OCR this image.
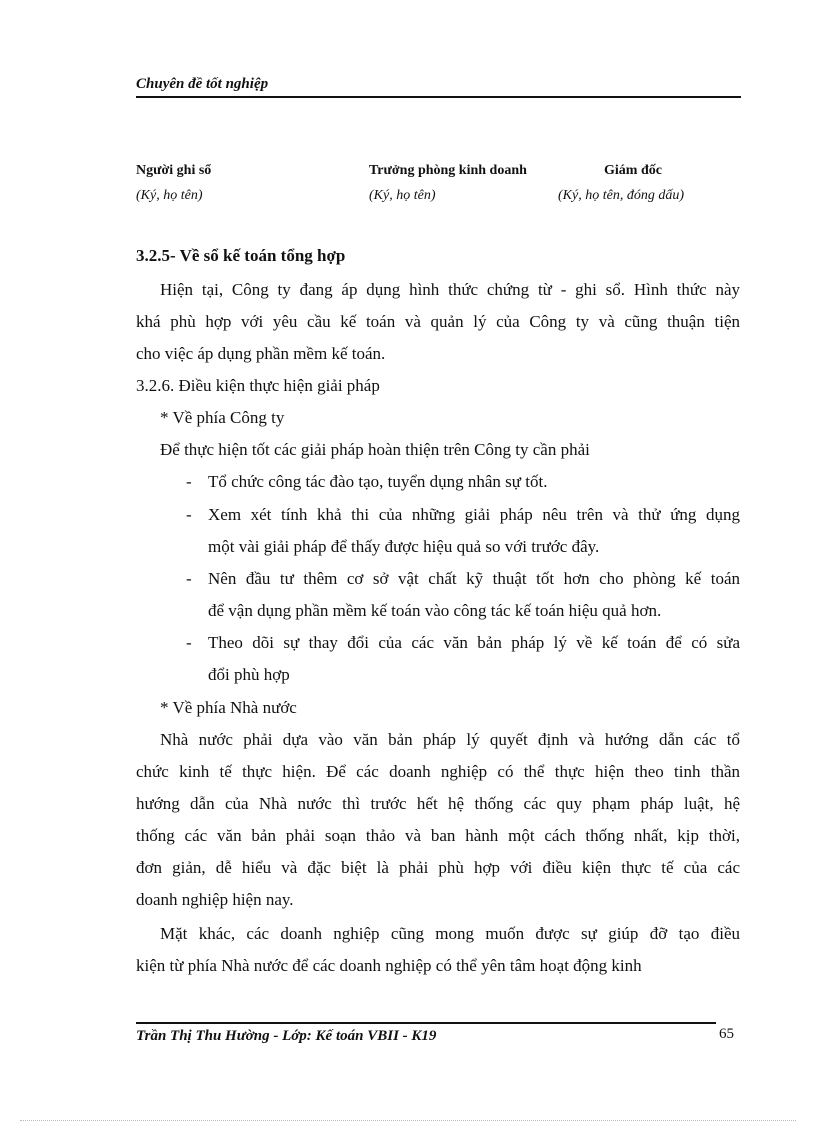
Chuyên đề tốt nghiệp
Người ghi sổ	Trưởng phòng kinh doanh	Giám đốc
(Ký, họ tên)	(Ký, họ tên)	(Ký, họ tên, đóng dấu)
3.2.5- Về sổ kế toán tổng hợp
Hiện tại, Công ty đang áp dụng hình thức chứng từ - ghi sổ. Hình thức này
khá phù hợp với yêu cầu kế toán và quản lý của Công ty và cũng thuận tiện
cho việc áp dụng phần mềm kế toán.
3.2.6. Điều kiện thực hiện giải pháp
* Về phía Công ty
Để thực hiện tốt các giải pháp hoàn thiện trên Công ty cần phải
- Tổ chức công tác đào tạo, tuyển dụng nhân sự tốt.
- Xem xét tính khả thi của những giải pháp nêu trên và thử ứng dụng
một vài giải pháp để thấy được hiệu quả so với trước đây.
- Nên đầu tư thêm cơ sở vật chất kỹ thuật tốt hơn cho phòng kế toán
để vận dụng phần mềm kế toán vào công tác kế toán hiệu quả hơn.
- Theo dõi sự thay đổi của các văn bản pháp lý về kế toán để có sửa
đổi phù hợp
* Về phía Nhà nước
Nhà nước phải dựa vào văn bản pháp lý quyết định và hướng dẫn các tổ
chức kinh tế thực hiện. Để các doanh nghiệp có thể thực hiện theo tinh thần
hướng dẫn của Nhà nước thì trước hết hệ thống các quy phạm pháp luật, hệ
thống các văn bản phải soạn thảo và ban hành một cách thống nhất, kịp thời,
đơn giản, dễ hiểu và đặc biệt là phải phù hợp với điều kiện thực tế của các
doanh nghiệp hiện nay.
Mặt khác, các doanh nghiệp cũng mong muốn được sự giúp đỡ tạo điều
kiện từ phía Nhà nước để các doanh nghiệp có thể yên tâm hoạt động kinh
Trần Thị Thu Hường - Lớp: Kế toán VBII - K19	65
